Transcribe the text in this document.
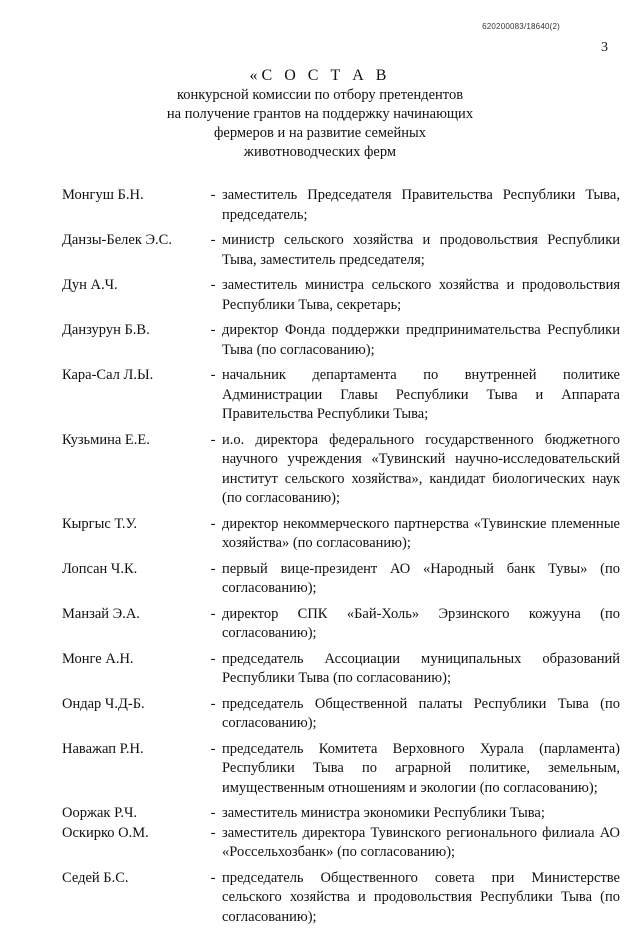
620200083/18640(2)
3
«С О С Т А В
конкурсной комиссии по отбору претендентов
на получение грантов на поддержку начинающих
фермеров и на развитие семейных
животноводческих ферм
Монгуш Б.Н.	- заместитель Председателя Правительства Республики Тыва, председатель;
Данзы-Белек Э.С.	- министр сельского хозяйства и продовольствия Республики Тыва, заместитель председателя;
Дун А.Ч.	- заместитель министра сельского хозяйства и продовольствия Республики Тыва, секретарь;
Данзурун Б.В.	- директор Фонда поддержки предпринимательства Республики Тыва (по согласованию);
Кара-Сал Л.Ы.	- начальник департамента по внутренней политике Администрации Главы Республики Тыва и Аппарата Правительства Республики Тыва;
Кузьмина Е.Е.	- и.о. директора федерального государственного бюджетного научного учреждения «Тувинский научно-исследовательский институт сельского хозяйства», кандидат биологических наук (по согласованию);
Кыргыс Т.У.	- директор некоммерческого партнерства «Тувинские племенные хозяйства» (по согласованию);
Лопсан Ч.К.	- первый вице-президент АО «Народный банк Тувы» (по согласованию);
Манзай Э.А.	- директор СПК «Бай-Холь» Эрзинского кожууна (по согласованию);
Монге А.Н.	- председатель Ассоциации муниципальных образований Республики Тыва (по согласованию);
Ондар Ч.Д-Б.	- председатель Общественной палаты Республики Тыва (по согласованию);
Наважап Р.Н.	- председатель Комитета Верховного Хурала (парламента) Республики Тыва по аграрной политике, земельным, имущественным отношениям и экологии (по согласованию);
Ооржак Р.Ч.	- заместитель министра экономики Республики Тыва;
Оскирко О.М.	- заместитель директора Тувинского регионального филиала АО «Россельхозбанк» (по согласованию);
Седей Б.С.	- председатель Общественного совета при Министерстве сельского хозяйства и продовольствия Республики Тыва (по согласованию);
